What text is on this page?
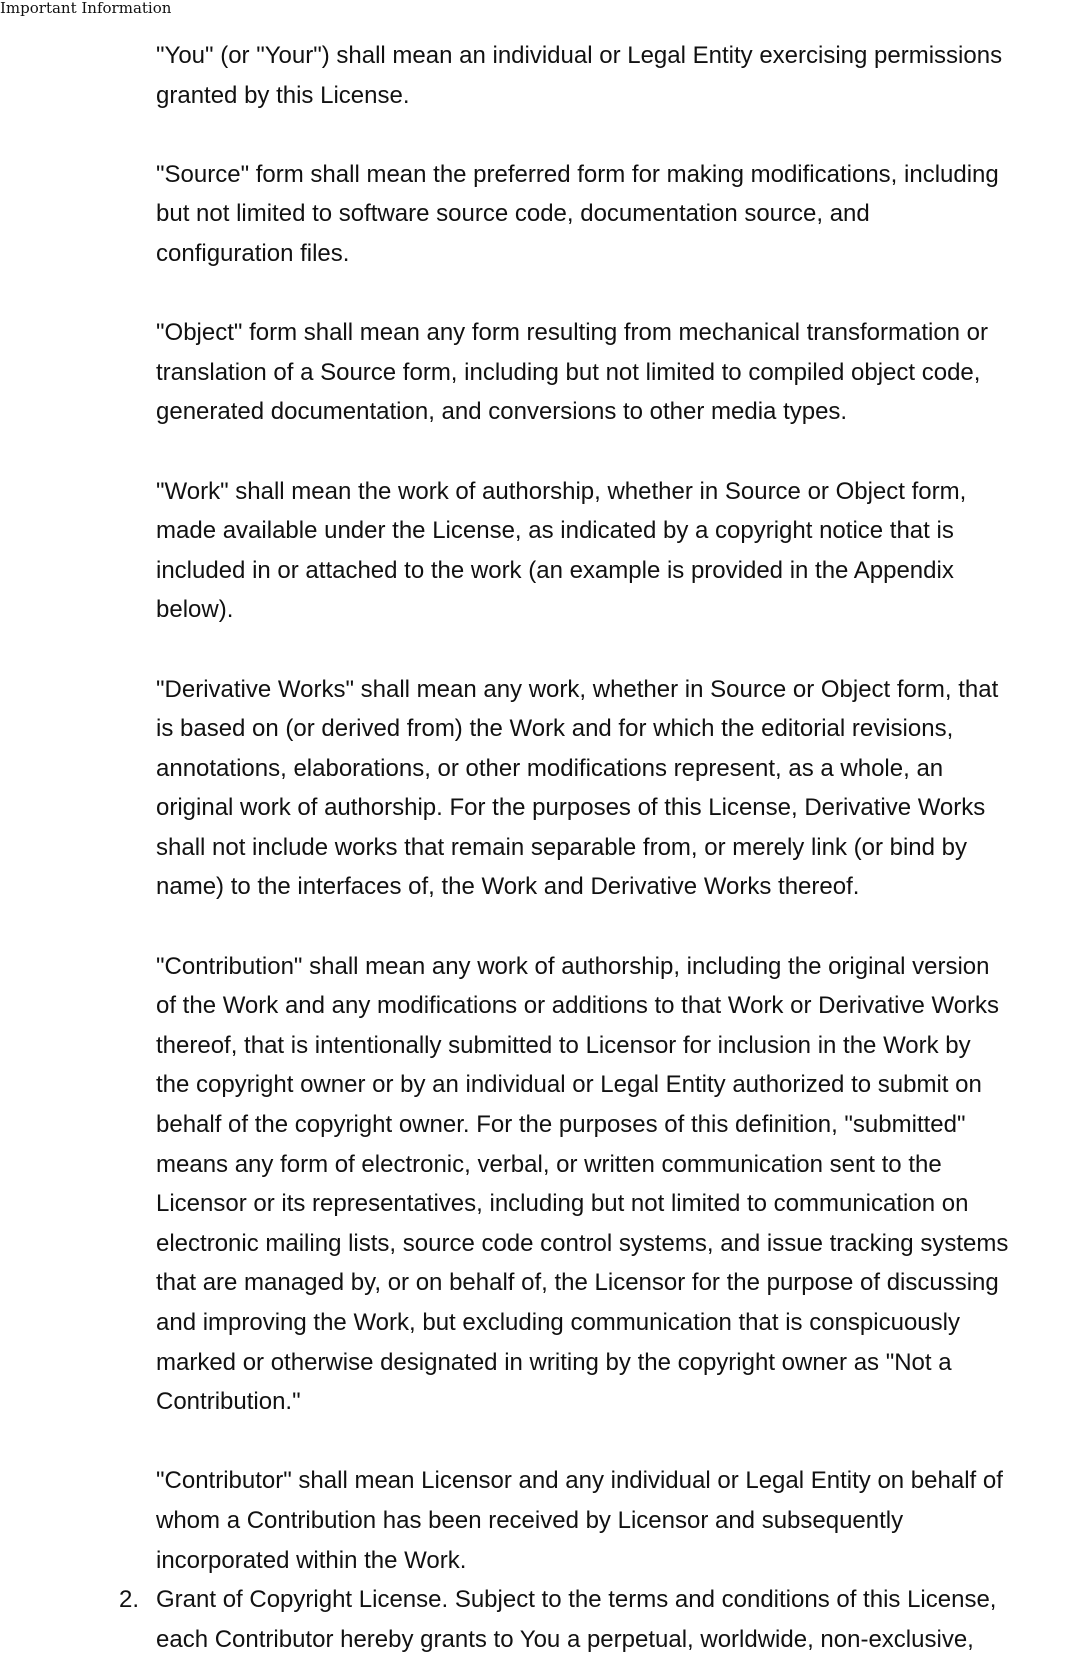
Important Information
"You" (or "Your") shall mean an individual or Legal Entity exercising permissions
granted by this License.
"Source" form shall mean the preferred form for making modifications, including
but not limited to software source code, documentation source, and
configuration files.
"Object" form shall mean any form resulting from mechanical transformation or
translation of a Source form, including but not limited to compiled object code,
generated documentation, and conversions to other media types.
"Work" shall mean the work of authorship, whether in Source or Object form,
made available under the License, as indicated by a copyright notice that is
included in or attached to the work (an example is provided in the Appendix
below).
"Derivative Works" shall mean any work, whether in Source or Object form, that
is based on (or derived from) the Work and for which the editorial revisions,
annotations, elaborations, or other modifications represent, as a whole, an
original work of authorship. For the purposes of this License, Derivative Works
shall not include works that remain separable from, or merely link (or bind by
name) to the interfaces of, the Work and Derivative Works thereof.
"Contribution" shall mean any work of authorship, including the original version
of the Work and any modifications or additions to that Work or Derivative Works
thereof, that is intentionally submitted to Licensor for inclusion in the Work by
the copyright owner or by an individual or Legal Entity authorized to submit on
behalf of the copyright owner. For the purposes of this definition, "submitted"
means any form of electronic, verbal, or written communication sent to the
Licensor or its representatives, including but not limited to communication on
electronic mailing lists, source code control systems, and issue tracking systems
that are managed by, or on behalf of, the Licensor for the purpose of discussing
and improving the Work, but excluding communication that is conspicuously
marked or otherwise designated in writing by the copyright owner as "Not a
Contribution."
"Contributor" shall mean Licensor and any individual or Legal Entity on behalf of
whom a Contribution has been received by Licensor and subsequently
incorporated within the Work.
2. Grant of Copyright License. Subject to the terms and conditions of this License,
each Contributor hereby grants to You a perpetual, worldwide, non-exclusive,
